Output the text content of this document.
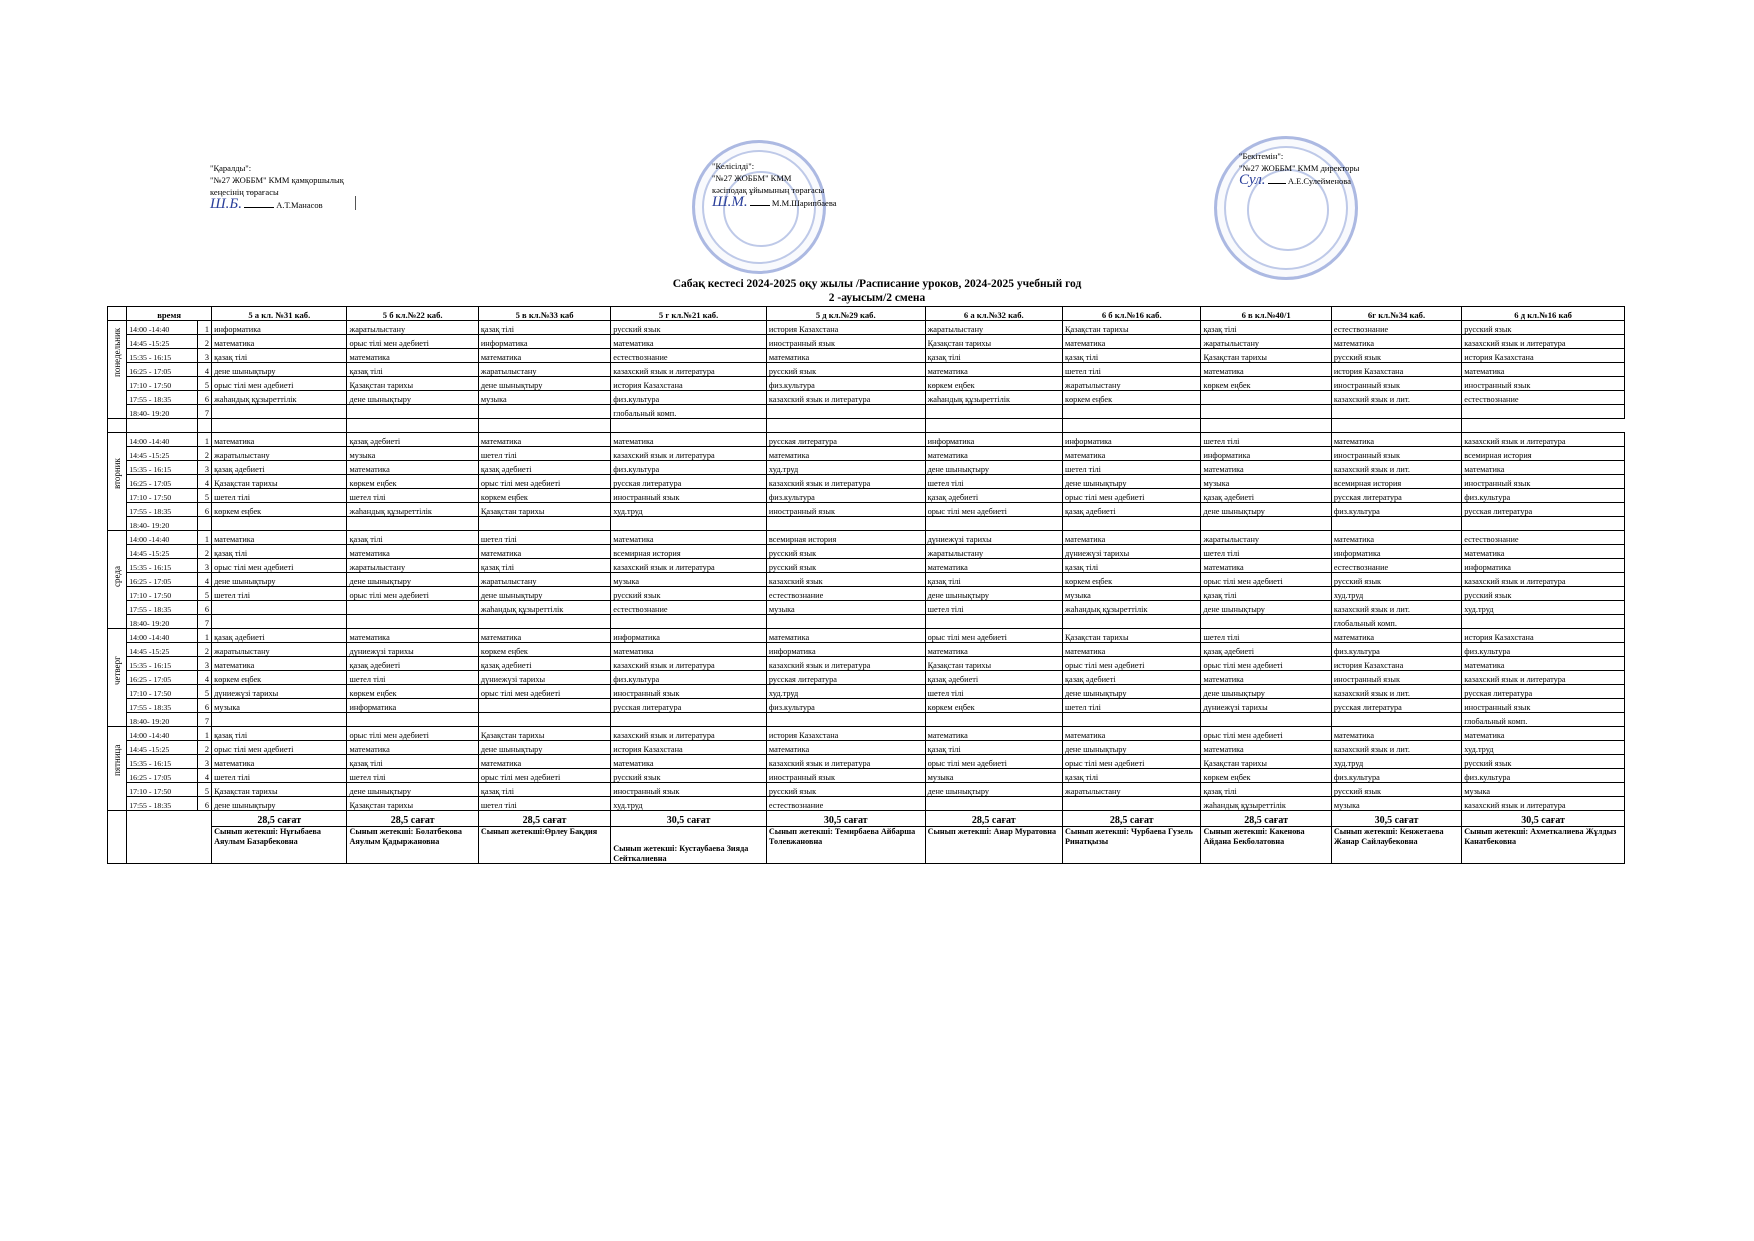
"Қаралды":
"№27 ЖОББМ" КММ қамқоршылық
кеңесінің төрағасы
Ш.Б.	А.Т.Манасов
"Келісілді":
"№27 ЖОББМ" КММ
кәсіподақ ұйымының төрағасы
Ш.М.	М.М.Шарипбаева
"Бекітемін":
"№27 ЖОББМ" КММ директоры
Сул.	А.Е.Сулейменова
Сабақ кестесі 2024-2025 оқу жылы /Расписание уроков, 2024-2025 учебный год
2 -ауысым/2 смена
	время		5 а кл. №31 каб.	5 б кл.№22 каб.	5 в кл.№33 каб	5 г кл.№21 каб.	5 д кл.№29 каб.	6 а кл.№32 каб.	6 б кл.№16 каб.	6 в кл.№40/1	6г кл.№34 каб.	6 д кл.№16 каб

понедельник	14:00 -14:40	1	информатика	жаратылыстану	қазақ тілі	русский язык	история Казахстана	жаратылыстану	Қазақстан тарихы	қазақ тілі	естествознание	русский язык
	14:45 -15:25	2	математика	орыс тілі мен әдебиеті	информатика	математика	иностранный язык	Қазақстан тарихы	математика	жаратылыстану	математика	казахский язык и литература
	15:35 - 16:15	3	қазақ тілі	математика	математика	естествознание	математика	қазақ тілі	қазақ тілі	Қазақстан тарихы	русский язык	история Казахстана
	16:25 - 17:05	4	дене шынықтыру	қазақ тілі	жаратылыстану	казахский язык и литература	русский язык	математика	шетел тілі	математика	история Казахстана	математика
	17:10 - 17:50	5	орыс тілі мен әдебиеті	Қазақстан тарихы	дене шынықтыру	история Казахстана	физ.культура	көркем еңбек	жаратылыстану	көркем еңбек	иностранный язык	иностранный язык
	17:55 - 18:35	6	жаһандық құзыреттілік	дене шынықтыру	музыка	физ.культура	казахский язык и литература	жаһандық құзыреттілік	көркем еңбек		казахский язык и лит.	естествознание
	18:40- 19:20	7				глобальный комп.						

вторник	14:00 -14:40	1	математика	қазақ әдебиеті	математика	математика	русская литература	информатика	информатика	шетел тілі	математика	казахский язык и литература
	14:45 -15:25	2	жаратылыстану	музыка	шетел тілі	казахский язык и литература	математика	математика	математика	информатика	иностранный язык	всемирная история
	15:35 - 16:15	3	қазақ әдебиеті	математика	қазақ әдебиеті	физ.культура	худ.труд	дене шынықтыру	шетел тілі	математика	казахский язык и лит.	математика
	16:25 - 17:05	4	Қазақстан тарихы	көркем еңбек	орыс тілі мен әдебиеті	русская литература	казахский язык и литература	шетел тілі	дене шынықтыру	музыка	всемирная история	иностранный язык
	17:10 - 17:50	5	шетел тілі	шетел тілі	көркем еңбек	иностранный язык	физ.культура	қазақ әдебиеті	орыс тілі мен әдебиеті	қазақ әдебиеті	русская литература	физ.культура
	17:55 - 18:35	6	көркем еңбек	жаһандық құзыреттілік	Қазақстан тарихы	худ.труд	иностранный язык	орыс тілі мен әдебиеті	қазақ әдебиеті	дене шынықтыру	физ.культура	русская литература
	18:40- 19:20											

среда	14:00 -14:40	1	математика	қазақ тілі	шетел тілі	математика	всемирная история	дүниежүзі тарихы	математика	жаратылыстану	математика	естествознание
	14:45 -15:25	2	қазақ тілі	математика	математика	всемирная история	русский язык	жаратылыстану	дүниежүзі тарихы	шетел тілі	информатика	математика
	15:35 - 16:15	3	орыс тілі мен әдебиеті	жаратылыстану	қазақ тілі	казахский язык и литература	русский язык	математика	қазақ тілі	математика	естествознание	информатика
	16:25 - 17:05	4	дене шынықтыру	дене шынықтыру	жаратылыстану	музыка	казахский язык	қазақ тілі	көркем еңбек	орыс тілі мен әдебиеті	русский язык	казахский язык и литература
	17:10 - 17:50	5	шетел тілі	орыс тілі мен әдебиеті	дене шынықтыру	русский язык	естествознание	дене шынықтыру	музыка	қазақ тілі	худ.труд	русский язык
	17:55 - 18:35	6			жаһандық құзыреттілік	естествознание	музыка	шетел тілі	жаһандық құзыреттілік	дене шынықтыру	казахский язык и лит.	худ.труд
	18:40- 19:20	7									глобальный комп.	

четверг	14:00 -14:40	1	қазақ әдебиеті	математика	математика	информатика	математика	орыс тілі мен әдебиеті	Қазақстан тарихы	шетел тілі	математика	история Казахстана
	14:45 -15:25	2	жаратылыстану	дүниежүзі тарихы	көркем еңбек	математика	информатика	математика	математика	қазақ әдебиеті	физ.культура	физ.культура
	15:35 - 16:15	3	математика	қазақ әдебиеті	қазақ әдебиеті	казахский язык и литература	казахский язык и литература	Қазақстан тарихы	орыс тілі мен әдебиеті	орыс тілі мен әдебиеті	история Казахстана	математика
	16:25 - 17:05	4	көркем еңбек	шетел тілі	дүниежүзі тарихы	физ.культура	русская литература	қазақ әдебиеті	қазақ әдебиеті	математика	иностранный язык	казахский язык и литература
	17:10 - 17:50	5	дүниежүзі тарихы	көркем еңбек	орыс тілі мен әдебиеті	иностранный язык	худ.труд	шетел тілі	дене шынықтыру	дене шынықтыру	казахский язык и лит.	русская литература
	17:55 - 18:35	6	музыка	информатика		русская литература	физ.культура	көркем еңбек	шетел тілі	дүниежүзі тарихы	русская литература	иностранный язык
	18:40- 19:20	7										глобальный комп.

пятница	14:00 -14:40	1	қазақ тілі	орыс тілі мен әдебиеті	Қазақстан тарихы	казахский язык и литература	история Казахстана	математика	математика	орыс тілі мен әдебиеті	математика	математика
	14:45 -15:25	2	орыс тілі мен әдебиеті	математика	дене шынықтыру	история Казахстана	математика	қазақ тілі	дене шынықтыру	математика	казахский язык и лит.	худ.труд
	15:35 - 16:15	3	математика	қазақ тілі	математика	математика	казахский язык и литература	орыс тілі мен әдебиеті	орыс тілі мен әдебиеті	Қазақстан тарихы	худ.труд	русский язык
	16:25 - 17:05	4	шетел тілі	шетел тілі	орыс тілі мен әдебиеті	русский язык	иностранный язык	музыка	қазақ тілі	көркем еңбек	физ.культура	физ.культура
	17:10 - 17:50	5	Қазақстан тарихы	дене шынықтыру	қазақ тілі	иностранный язык	русский язык	дене шынықтыру	жаратылыстану	қазақ тілі	русский язык	музыка
	17:55 - 18:35	6	дене шынықтыру	Қазақстан тарихы	шетел тілі	худ.труд	естествознание			жаһандық құзыреттілік	музыка	казахский язык и литература
			28,5 сағат	28,5 сағат	28,5 сағат	30,5 сағат	30,5 сағат	28,5 сағат	28,5 сағат	28,5 сағат	30,5 сағат	30,5 сағат
			Сынып жетекші: Нұғыбаева Аяулым Базарбековна	Сынып жетекші: Болатбекова Аяулым Қадыржановна	Сынып жетекші:Өрлеу Бақдия	Сынып жетекші: Кустаубаева Зияда Сейткалиевна	Сынып жетекші: Темирбаева Айбарша Толевжановна	Сынып жетекші: Анар Муратовна	Сынып жетекші: Чурбаева Гузель Ринатқызы	Сынып жетекші: Какенова Айдана Бекболатовна	Сынып жетекші: Кенжетаева Жанар Сайлаубековна	Сынып жетекші: Ахметкалиева Жұлдыз Канатбековна
